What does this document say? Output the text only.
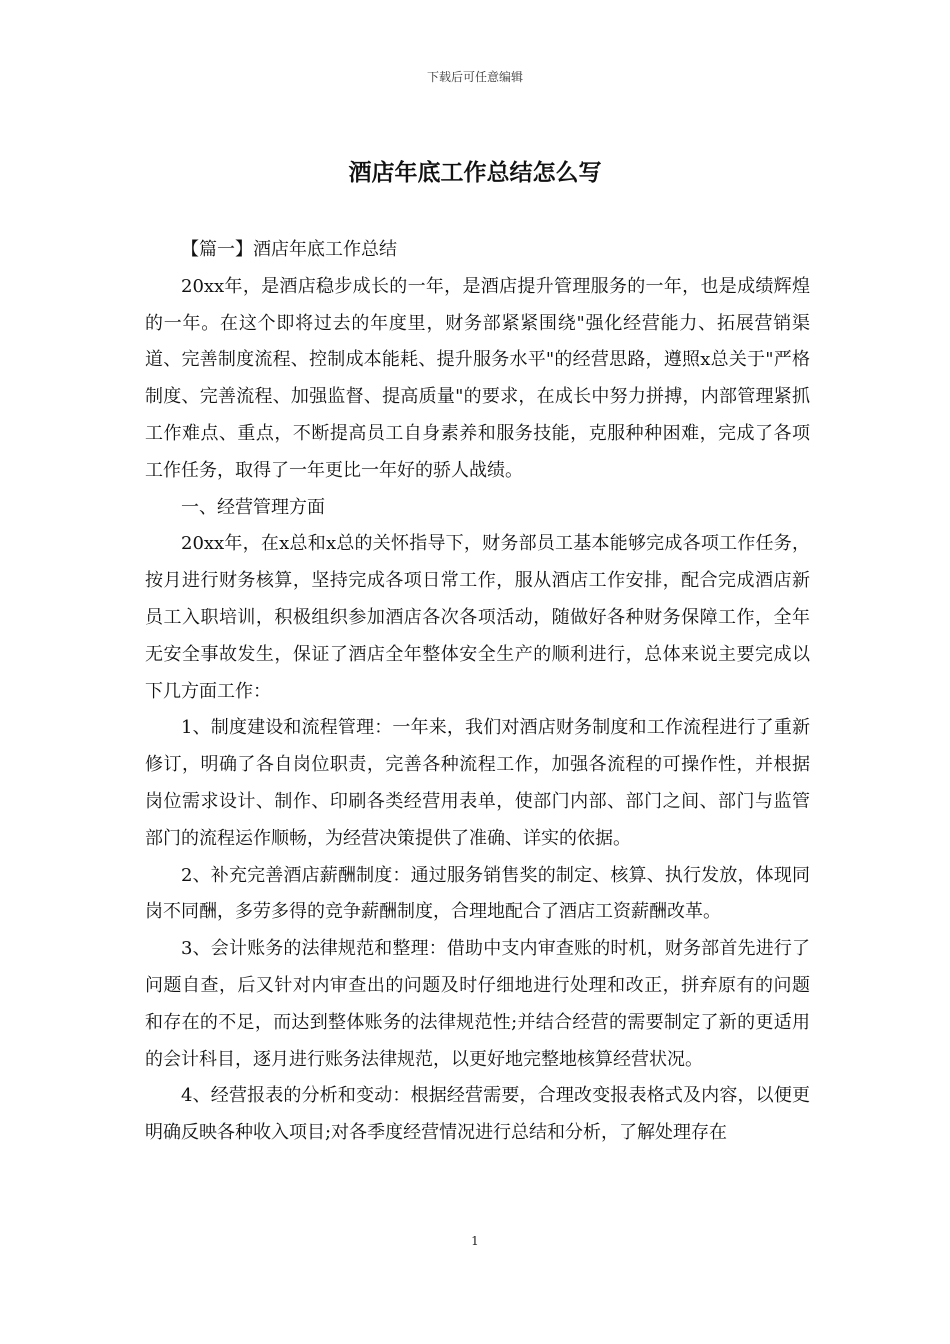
下载后可任意编辑
酒店年底工作总结怎么写

【篇一】酒店年底工作总结

20xx年，是酒店稳步成长的一年，是酒店提升管理服务的一年，也是成绩辉煌的一年。在这个即将过去的年度里，财务部紧紧围绕"强化经营能力、拓展营销渠道、完善制度流程、控制成本能耗、提升服务水平"的经营思路，遵照x总关于"严格制度、完善流程、加强监督、提高质量"的要求，在成长中努力拼搏，内部管理紧抓工作难点、重点，不断提高员工自身素养和服务技能，克服种种困难，完成了各项工作任务，取得了一年更比一年好的骄人战绩。

一、经营管理方面

20xx年，在x总和x总的关怀指导下，财务部员工基本能够完成各项工作任务，按月进行财务核算，坚持完成各项日常工作，服从酒店工作安排，配合完成酒店新员工入职培训，积极组织参加酒店各次各项活动，随做好各种财务保障工作，全年无安全事故发生，保证了酒店全年整体安全生产的顺利进行，总体来说主要完成以下几方面工作：

1、制度建设和流程管理：一年来，我们对酒店财务制度和工作流程进行了重新修订，明确了各自岗位职责，完善各种流程工作，加强各流程的可操作性，并根据岗位需求设计、制作、印刷各类经营用表单，使部门内部、部门之间、部门与监管部门的流程运作顺畅，为经营决策提供了准确、详实的依据。

2、补充完善酒店薪酬制度：通过服务销售奖的制定、核算、执行发放，体现同岗不同酬，多劳多得的竞争薪酬制度，合理地配合了酒店工资薪酬改革。

3、会计账务的法律规范和整理：借助中支内审查账的时机，财务部首先进行了问题自查，后又针对内审查出的问题及时仔细地进行处理和改正，拼弃原有的问题和存在的不足，而达到整体账务的法律规范性;并结合经营的需要制定了新的更适用的会计科目，逐月进行账务法律规范，以更好地完整地核算经营状况。

4、经营报表的分析和变动：根据经营需要，合理改变报表格式及内容，以便更明确反映各种收入项目;对各季度经营情况进行总结和分析，了解处理存在

1
